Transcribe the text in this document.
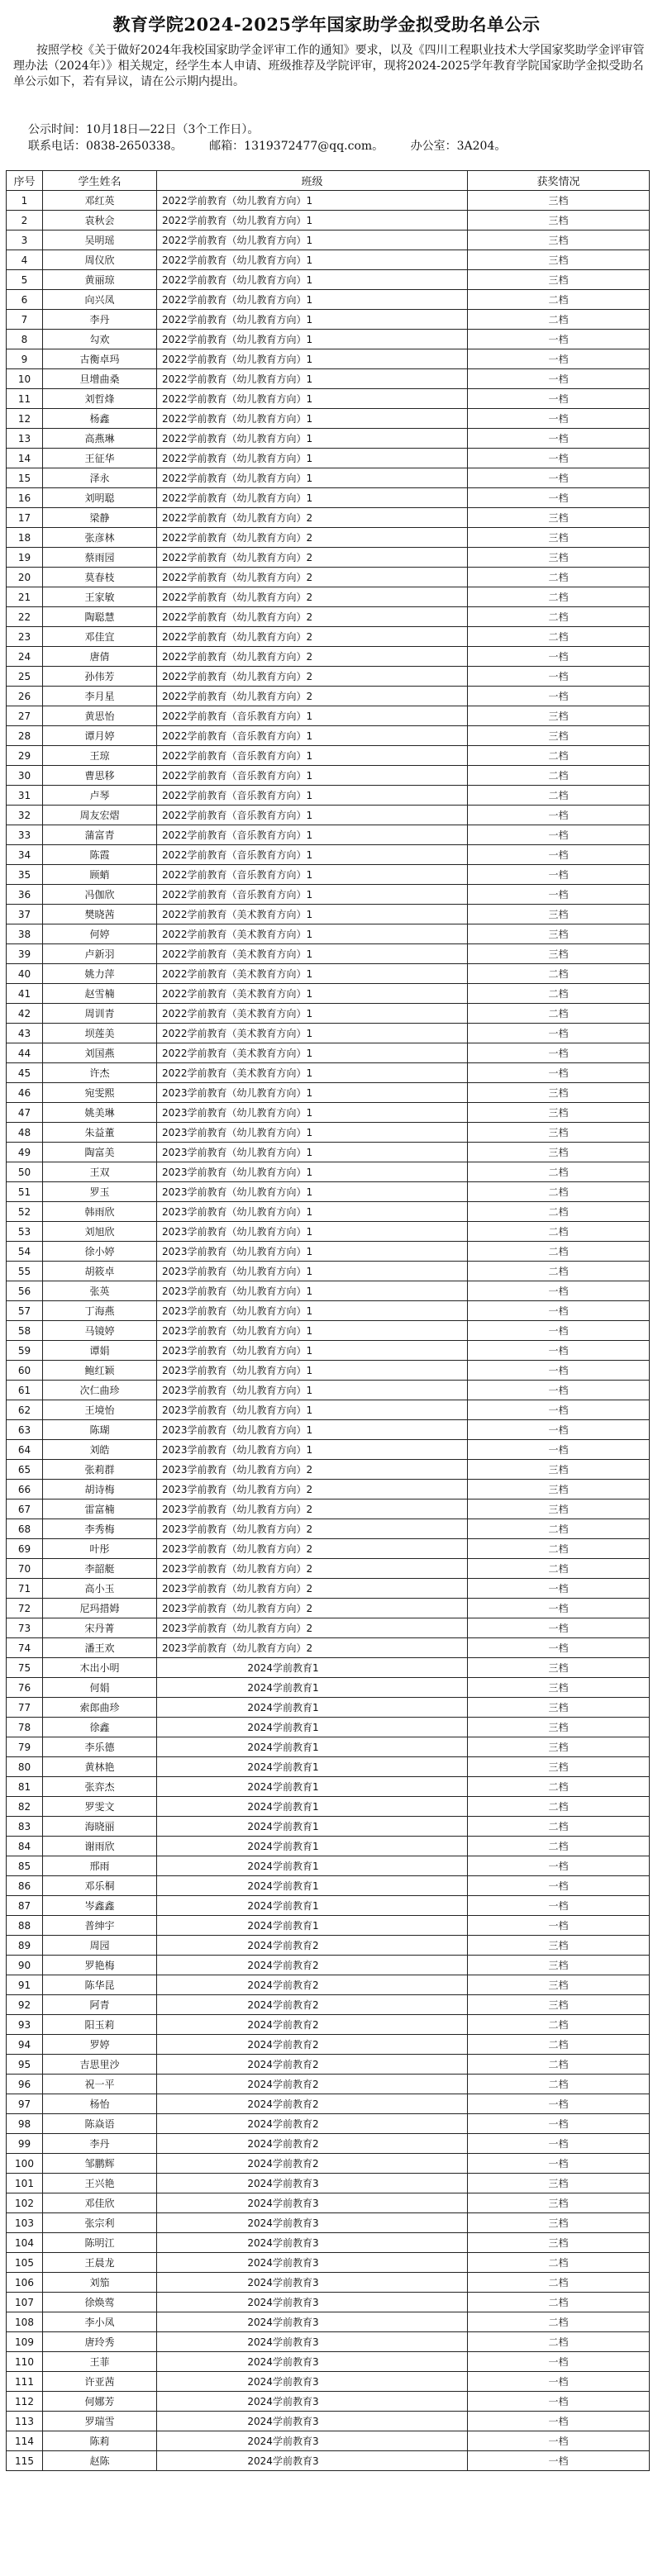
教育学院2024-2025学年国家助学金拟受助名单公示
按照学校《关于做好2024年我校国家助学金评审工作的通知》要求，以及《四川工程职业技术大学国家奖助学金评审管理办法（2024年）》相关规定，经学生本人申请、班级推荐及学院评审，现将2024-2025学年教育学院国家助学金拟受助名单公示如下，若有异议，请在公示期内提出。
公示时间：10月18日—22日（3个工作日）。
联系电话：0838-2650338。 邮箱：1319372477@qq.com。 办公室：3A204。
序号	学生姓名	班级	获奖情况
1	邓红英	2022学前教育（幼儿教育方向）1	三档
2	袁秋会	2022学前教育（幼儿教育方向）1	三档
3	吴明瑶	2022学前教育（幼儿教育方向）1	三档
4	周仪欣	2022学前教育（幼儿教育方向）1	三档
5	黄丽琼	2022学前教育（幼儿教育方向）1	三档
6	向兴凤	2022学前教育（幼儿教育方向）1	二档
7	李丹	2022学前教育（幼儿教育方向）1	二档
8	勾欢	2022学前教育（幼儿教育方向）1	一档
9	古衡卓玛	2022学前教育（幼儿教育方向）1	一档
10	旦增曲桑	2022学前教育（幼儿教育方向）1	一档
11	刘哲烽	2022学前教育（幼儿教育方向）1	一档
12	杨鑫	2022学前教育（幼儿教育方向）1	一档
13	高燕琳	2022学前教育（幼儿教育方向）1	一档
14	王征华	2022学前教育（幼儿教育方向）1	一档
15	泽永	2022学前教育（幼儿教育方向）1	一档
16	刘明聪	2022学前教育（幼儿教育方向）1	一档
17	梁静	2022学前教育（幼儿教育方向）2	三档
18	张彦林	2022学前教育（幼儿教育方向）2	三档
19	蔡雨园	2022学前教育（幼儿教育方向）2	三档
20	莫春枝	2022学前教育（幼儿教育方向）2	二档
21	王家敏	2022学前教育（幼儿教育方向）2	二档
22	陶聪慧	2022学前教育（幼儿教育方向）2	二档
23	邓佳宜	2022学前教育（幼儿教育方向）2	二档
24	唐倩	2022学前教育（幼儿教育方向）2	一档
25	孙伟芳	2022学前教育（幼儿教育方向）2	一档
26	李月星	2022学前教育（幼儿教育方向）2	一档
27	黄思怡	2022学前教育（音乐教育方向）1	三档
28	谭月婷	2022学前教育（音乐教育方向）1	三档
29	王琼	2022学前教育（音乐教育方向）1	二档
30	曹思移	2022学前教育（音乐教育方向）1	二档
31	卢琴	2022学前教育（音乐教育方向）1	二档
32	周友宏熠	2022学前教育（音乐教育方向）1	一档
33	蒲富青	2022学前教育（音乐教育方向）1	一档
34	陈霞	2022学前教育（音乐教育方向）1	一档
35	顾蛸	2022学前教育（音乐教育方向）1	一档
36	冯伽欣	2022学前教育（音乐教育方向）1	一档
37	樊晓茜	2022学前教育（美术教育方向）1	三档
38	何婷	2022学前教育（美术教育方向）1	三档
39	卢新羽	2022学前教育（美术教育方向）1	三档
40	姚力萍	2022学前教育（美术教育方向）1	二档
41	赵雪楠	2022学前教育（美术教育方向）1	二档
42	周训青	2022学前教育（美术教育方向）1	二档
43	坝莲美	2022学前教育（美术教育方向）1	一档
44	刘国燕	2022学前教育（美术教育方向）1	一档
45	许杰	2022学前教育（美术教育方向）1	一档
46	宛雯熙	2023学前教育（幼儿教育方向）1	三档
47	姚美琳	2023学前教育（幼儿教育方向）1	三档
48	朱益董	2023学前教育（幼儿教育方向）1	三档
49	陶富美	2023学前教育（幼儿教育方向）1	三档
50	王双	2023学前教育（幼儿教育方向）1	二档
51	罗玉	2023学前教育（幼儿教育方向）1	二档
52	韩雨欣	2023学前教育（幼儿教育方向）1	二档
53	刘旭欣	2023学前教育（幼儿教育方向）1	二档
54	徐小婷	2023学前教育（幼儿教育方向）1	二档
55	胡筱卓	2023学前教育（幼儿教育方向）1	二档
56	张英	2023学前教育（幼儿教育方向）1	一档
57	丁海燕	2023学前教育（幼儿教育方向）1	一档
58	马镜婷	2023学前教育（幼儿教育方向）1	一档
59	谭娟	2023学前教育（幼儿教育方向）1	一档
60	鲍红颖	2023学前教育（幼儿教育方向）1	一档
61	次仁曲珍	2023学前教育（幼儿教育方向）1	一档
62	王境怡	2023学前教育（幼儿教育方向）1	一档
63	陈瑚	2023学前教育（幼儿教育方向）1	一档
64	刘皓	2023学前教育（幼儿教育方向）1	一档
65	张莉群	2023学前教育（幼儿教育方向）2	三档
66	胡诗梅	2023学前教育（幼儿教育方向）2	三档
67	雷富楠	2023学前教育（幼儿教育方向）2	三档
68	李秀梅	2023学前教育（幼儿教育方向）2	二档
69	叶彤	2023学前教育（幼儿教育方向）2	二档
70	李韶艇	2023学前教育（幼儿教育方向）2	二档
71	高小玉	2023学前教育（幼儿教育方向）2	一档
72	尼玛措姆	2023学前教育（幼儿教育方向）2	一档
73	宋丹菁	2023学前教育（幼儿教育方向）2	一档
74	潘王欢	2023学前教育（幼儿教育方向）2	一档
75	木出小明	2024学前教育1	三档
76	何娟	2024学前教育1	三档
77	索郎曲珍	2024学前教育1	三档
78	徐鑫	2024学前教育1	三档
79	李乐德	2024学前教育1	三档
80	黄林艳	2024学前教育1	三档
81	张弈杰	2024学前教育1	二档
82	罗雯文	2024学前教育1	二档
83	海晓丽	2024学前教育1	二档
84	谢雨欣	2024学前教育1	二档
85	邢雨	2024学前教育1	一档
86	邓乐桐	2024学前教育1	一档
87	岑鑫鑫	2024学前教育1	一档
88	普绅宇	2024学前教育1	一档
89	周园	2024学前教育2	三档
90	罗艳梅	2024学前教育2	三档
91	陈华昆	2024学前教育2	三档
92	阿青	2024学前教育2	三档
93	阳玉莉	2024学前教育2	二档
94	罗婷	2024学前教育2	二档
95	吉思里沙	2024学前教育2	二档
96	祝一平	2024学前教育2	二档
97	杨怡	2024学前教育2	一档
98	陈焱语	2024学前教育2	一档
99	李丹	2024学前教育2	一档
100	邹鹏辉	2024学前教育2	一档
101	王兴艳	2024学前教育3	三档
102	邓佳欣	2024学前教育3	三档
103	张宗利	2024学前教育3	三档
104	陈明江	2024学前教育3	三档
105	王晨龙	2024学前教育3	二档
106	刘笳	2024学前教育3	二档
107	徐焕莺	2024学前教育3	二档
108	李小凤	2024学前教育3	二档
109	唐玲秀	2024学前教育3	二档
110	王菲	2024学前教育3	一档
111	许亚茜	2024学前教育3	一档
112	何娜芳	2024学前教育3	一档
113	罗瑞雪	2024学前教育3	一档
114	陈莉	2024学前教育3	一档
115	赵陈	2024学前教育3	一档
